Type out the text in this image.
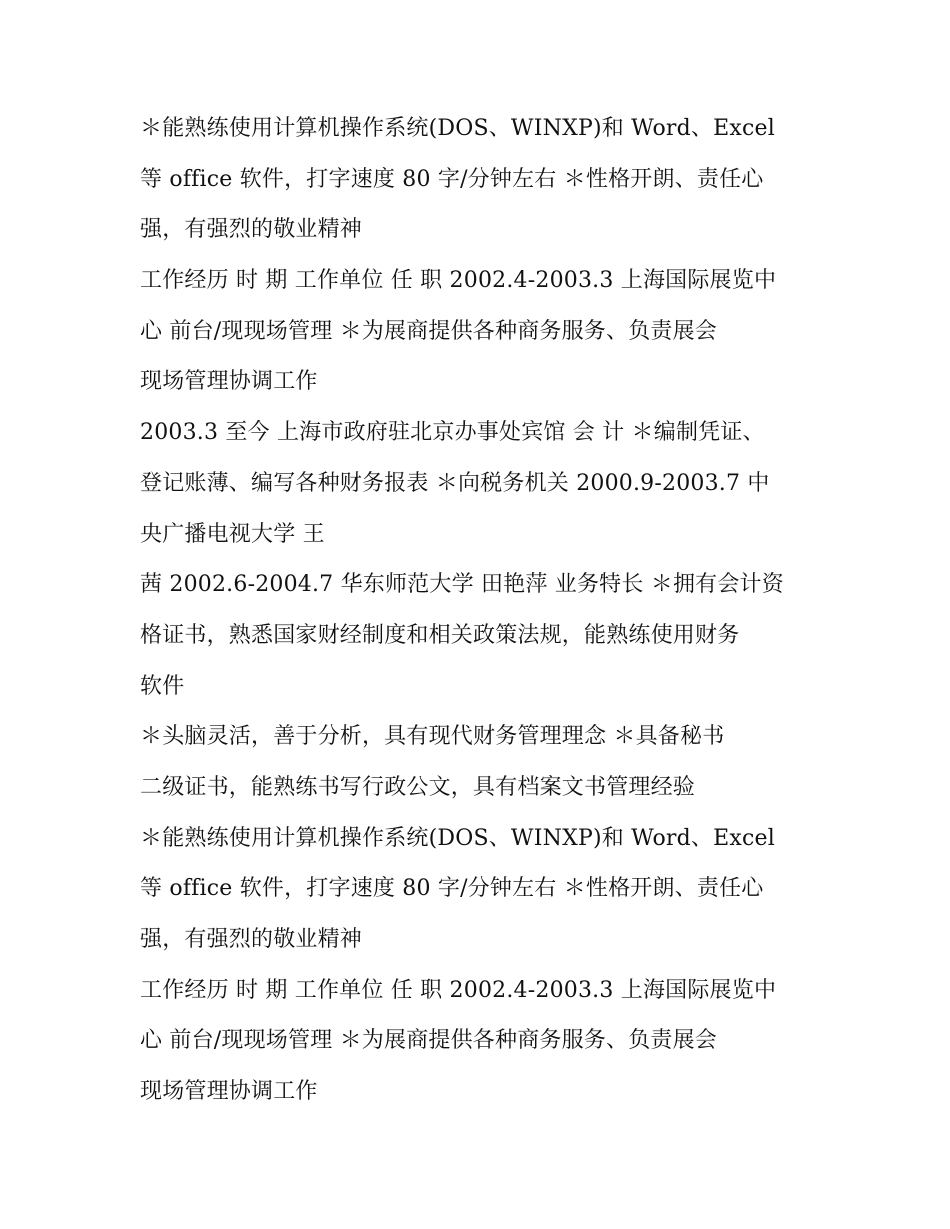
＊能熟练使用计算机操作系统(DOS、WINXP)和 Word、Excel
等 office 软件，打字速度 80 字/分钟左右 ＊性格开朗、责任心
强，有强烈的敬业精神
工作经历 时 期 工作单位 任 职 2002.4-2003.3 上海国际展览中
心 前台/现现场管理 ＊为展商提供各种商务服务、负责展会
现场管理协调工作
2003.3 至今 上海市政府驻北京办事处宾馆 会 计 ＊编制凭证、
登记账薄、编写各种财务报表 ＊向税务机关 2000.9-2003.7 中
央广播电视大学 王
茜 2002.6-2004.7 华东师范大学 田艳萍 业务特长 ＊拥有会计资
格证书，熟悉国家财经制度和相关政策法规，能熟练使用财务
软件
＊头脑灵活，善于分析，具有现代财务管理理念 ＊具备秘书
二级证书，能熟练书写行政公文，具有档案文书管理经验
＊能熟练使用计算机操作系统(DOS、WINXP)和 Word、Excel
等 office 软件，打字速度 80 字/分钟左右 ＊性格开朗、责任心
强，有强烈的敬业精神
工作经历 时 期 工作单位 任 职 2002.4-2003.3 上海国际展览中
心 前台/现现场管理 ＊为展商提供各种商务服务、负责展会
现场管理协调工作
